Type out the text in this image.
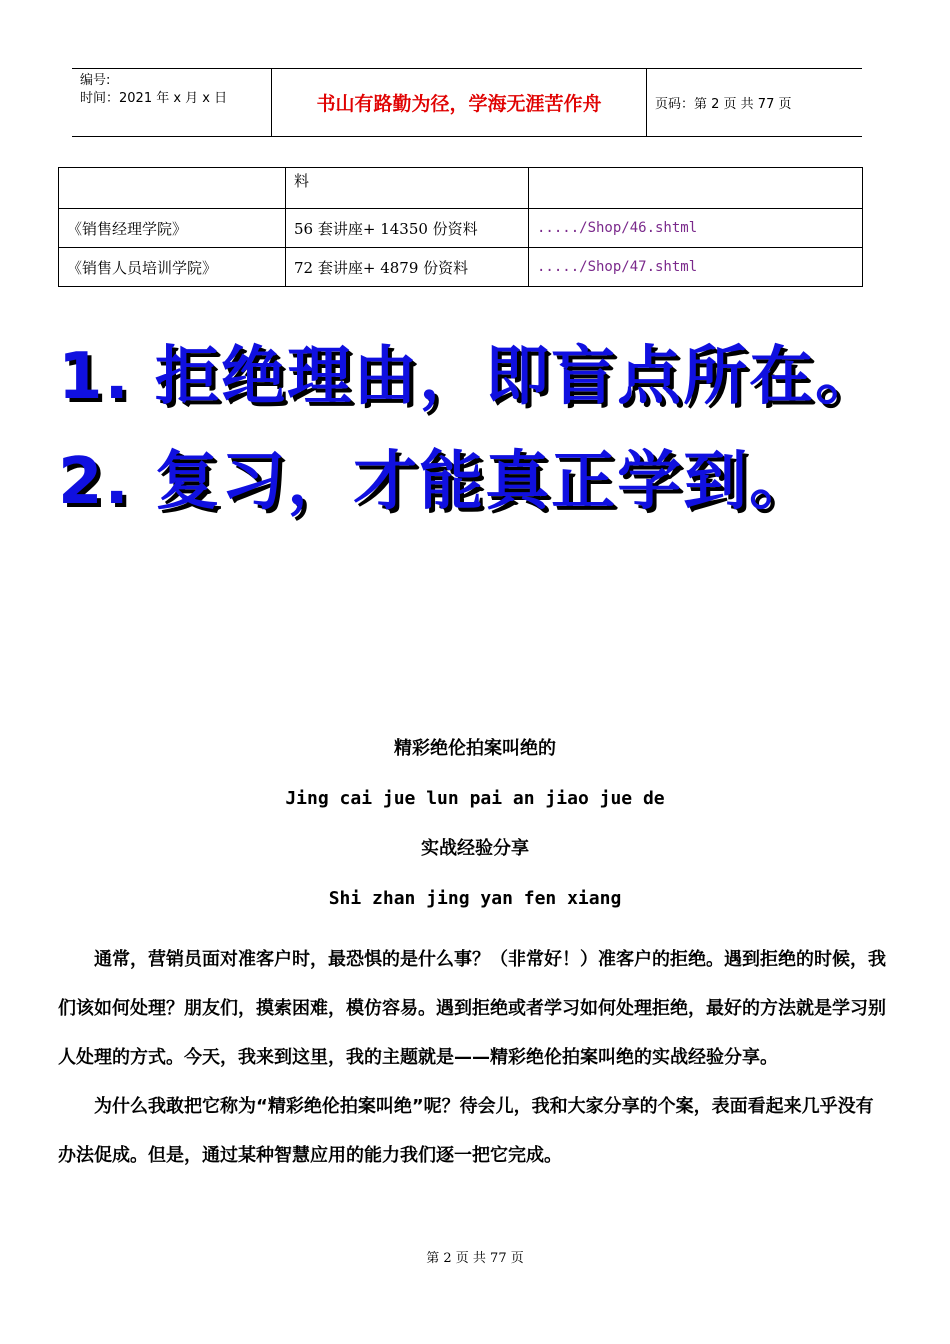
编号:
时间：2021 年 x 月 x 日	书山有路勤为径，学海无涯苦作舟	页码：第 2 页 共 77 页
	料	
《销售经理学院》	56 套讲座+ 14350 份资料	...../Shop/46.shtml
《销售人员培训学院》	72 套讲座+ 4879 份资料	...../Shop/47.shtml
1. 拒绝理由，即盲点所在。
2. 复习，才能真正学到。
精彩绝伦拍案叫绝的
Jing cai jue lun pai an jiao jue de
实战经验分享
Shi zhan jing yan fen xiang

通常，营销员面对准客户时，最恐惧的是什么事？（非常好！）准客户的拒绝。遇到拒绝的时候，我们该如何处理？朋友们，摸索困难，模仿容易。遇到拒绝或者学习如何处理拒绝，最好的方法就是学习别人处理的方式。今天，我来到这里，我的主题就是——精彩绝伦拍案叫绝的实战经验分享。

为什么我敢把它称为“精彩绝伦拍案叫绝”呢？待会儿，我和大家分享的个案，表面看起来几乎没有办法促成。但是，通过某种智慧应用的能力我们逐一把它完成。

第 2 页 共 77 页
